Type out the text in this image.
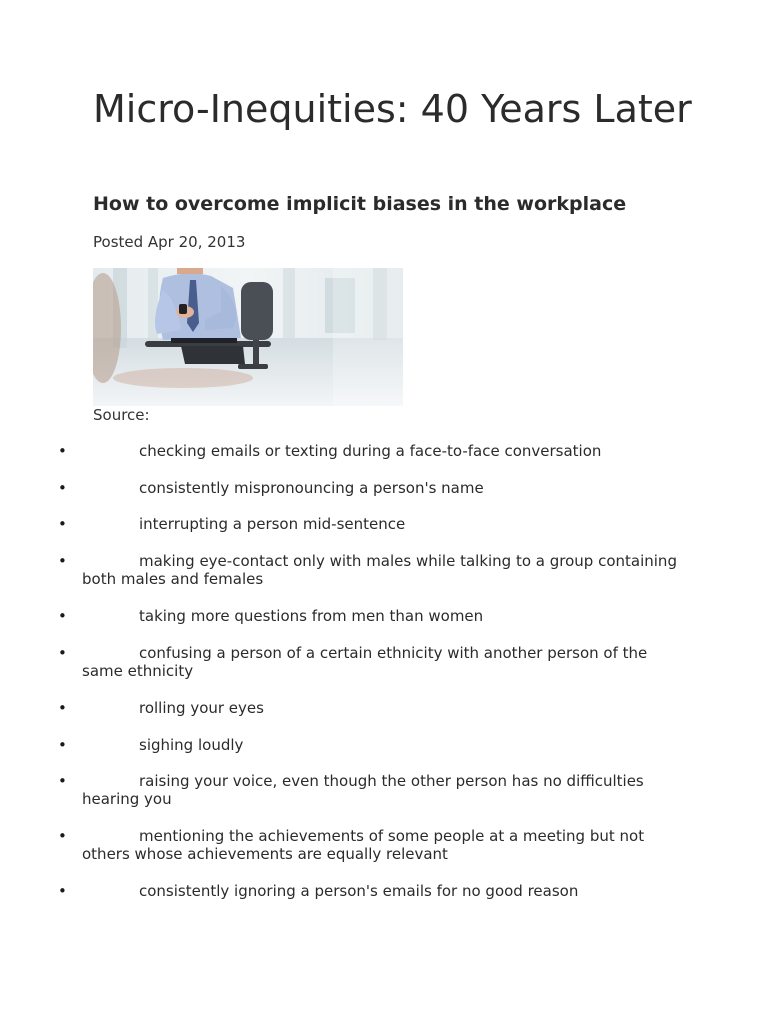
Micro-Inequities: 40 Years Later
How to overcome implicit biases in the workplace
Posted Apr 20, 2013
Source:
•	checking emails or texting during a face-to-face conversation
•	consistently mispronouncing a person's name
•	interrupting a person mid-sentence
•	making eye-contact only with males while talking to a group containing both males and females
•	taking more questions from men than women
•	confusing a person of a certain ethnicity with another person of the same ethnicity
•	rolling your eyes
•	sighing loudly
•	raising your voice, even though the other person has no difficulties hearing you
•	mentioning the achievements of some people at a meeting but not others whose achievements are equally relevant
•	consistently ignoring a person's emails for no good reason
